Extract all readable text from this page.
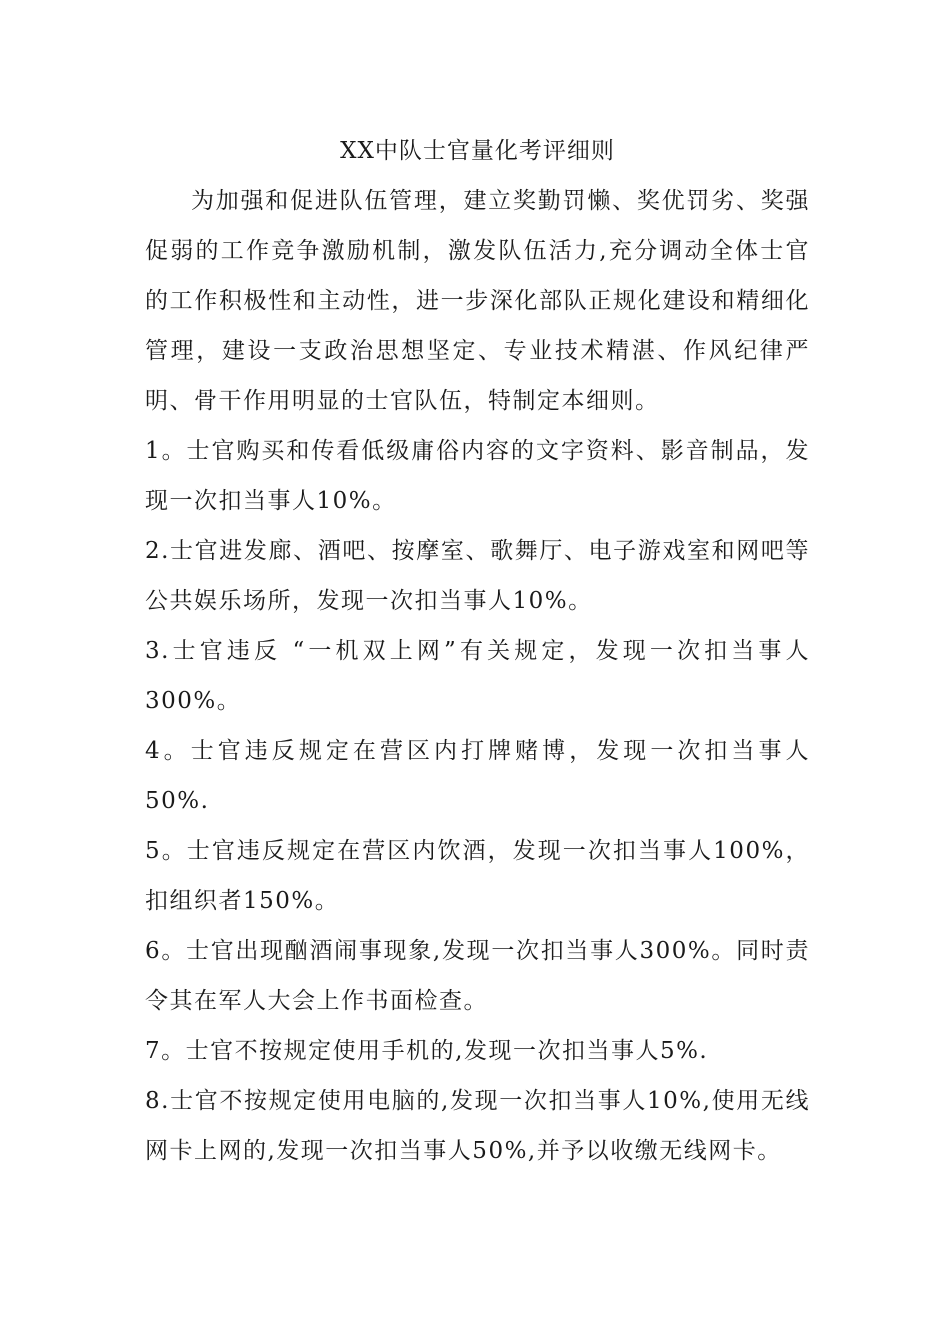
XX中队士官量化考评细则

为加强和促进队伍管理，建立奖勤罚懒、奖优罚劣、奖强促弱的工作竞争激励机制，激发队伍活力,充分调动全体士官的工作积极性和主动性，进一步深化部队正规化建设和精细化管理，建设一支政治思想坚定、专业技术精湛、作风纪律严明、骨干作用明显的士官队伍，特制定本细则。

1。士官购买和传看低级庸俗内容的文字资料、影音制品，发现一次扣当事人10%。

2.士官进发廊、酒吧、按摩室、歌舞厅、电子游戏室和网吧等公共娱乐场所，发现一次扣当事人10%。

3.士官违反 “一机双上网”有关规定，发现一次扣当事人300%。

4。士官违反规定在营区内打牌赌博，发现一次扣当事人50%.

5。士官违反规定在营区内饮酒，发现一次扣当事人100%，扣组织者150%。

6。士官出现酗酒闹事现象,发现一次扣当事人300%。同时责令其在军人大会上作书面检查。

7。士官不按规定使用手机的,发现一次扣当事人5%.

8.士官不按规定使用电脑的,发现一次扣当事人10%,使用无线网卡上网的,发现一次扣当事人50%,并予以收缴无线网卡。
